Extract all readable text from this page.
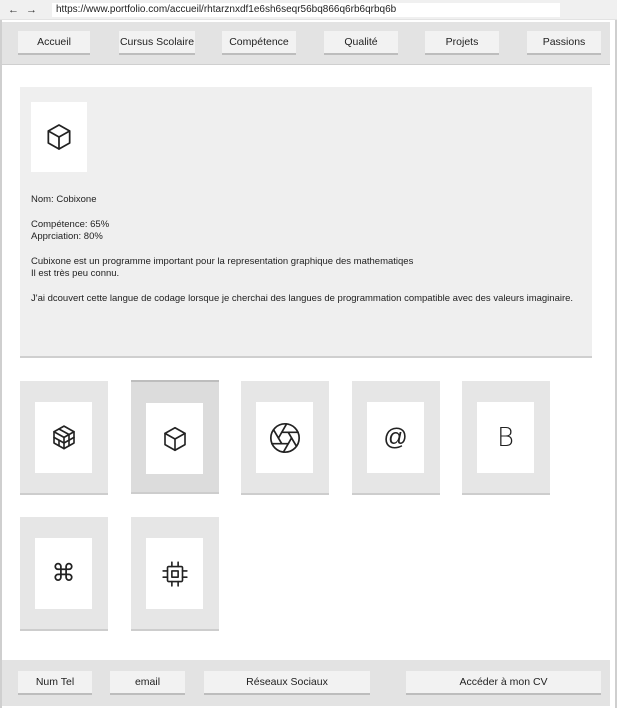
← →
https://www.portfolio.com/accueil/rhtarznxdf1e6sh6seqr56bq866q6rb6qrbq6b
Accueil	Cursus Scolaire	Compétence	Qualité	Projets	Passions
Nom: Cobixone
Compétence: 65%
Apprciation: 80%
Cubixone est un programme important pour la representation graphique des mathematiqes
Il est très peu connu.
J'ai dcouvert cette langue de codage lorsque je cherchai des langues de programmation compatible avec des valeurs imaginaire.
@	B
⌘
Num Tel	email	Réseaux Sociaux	Accéder à mon CV
